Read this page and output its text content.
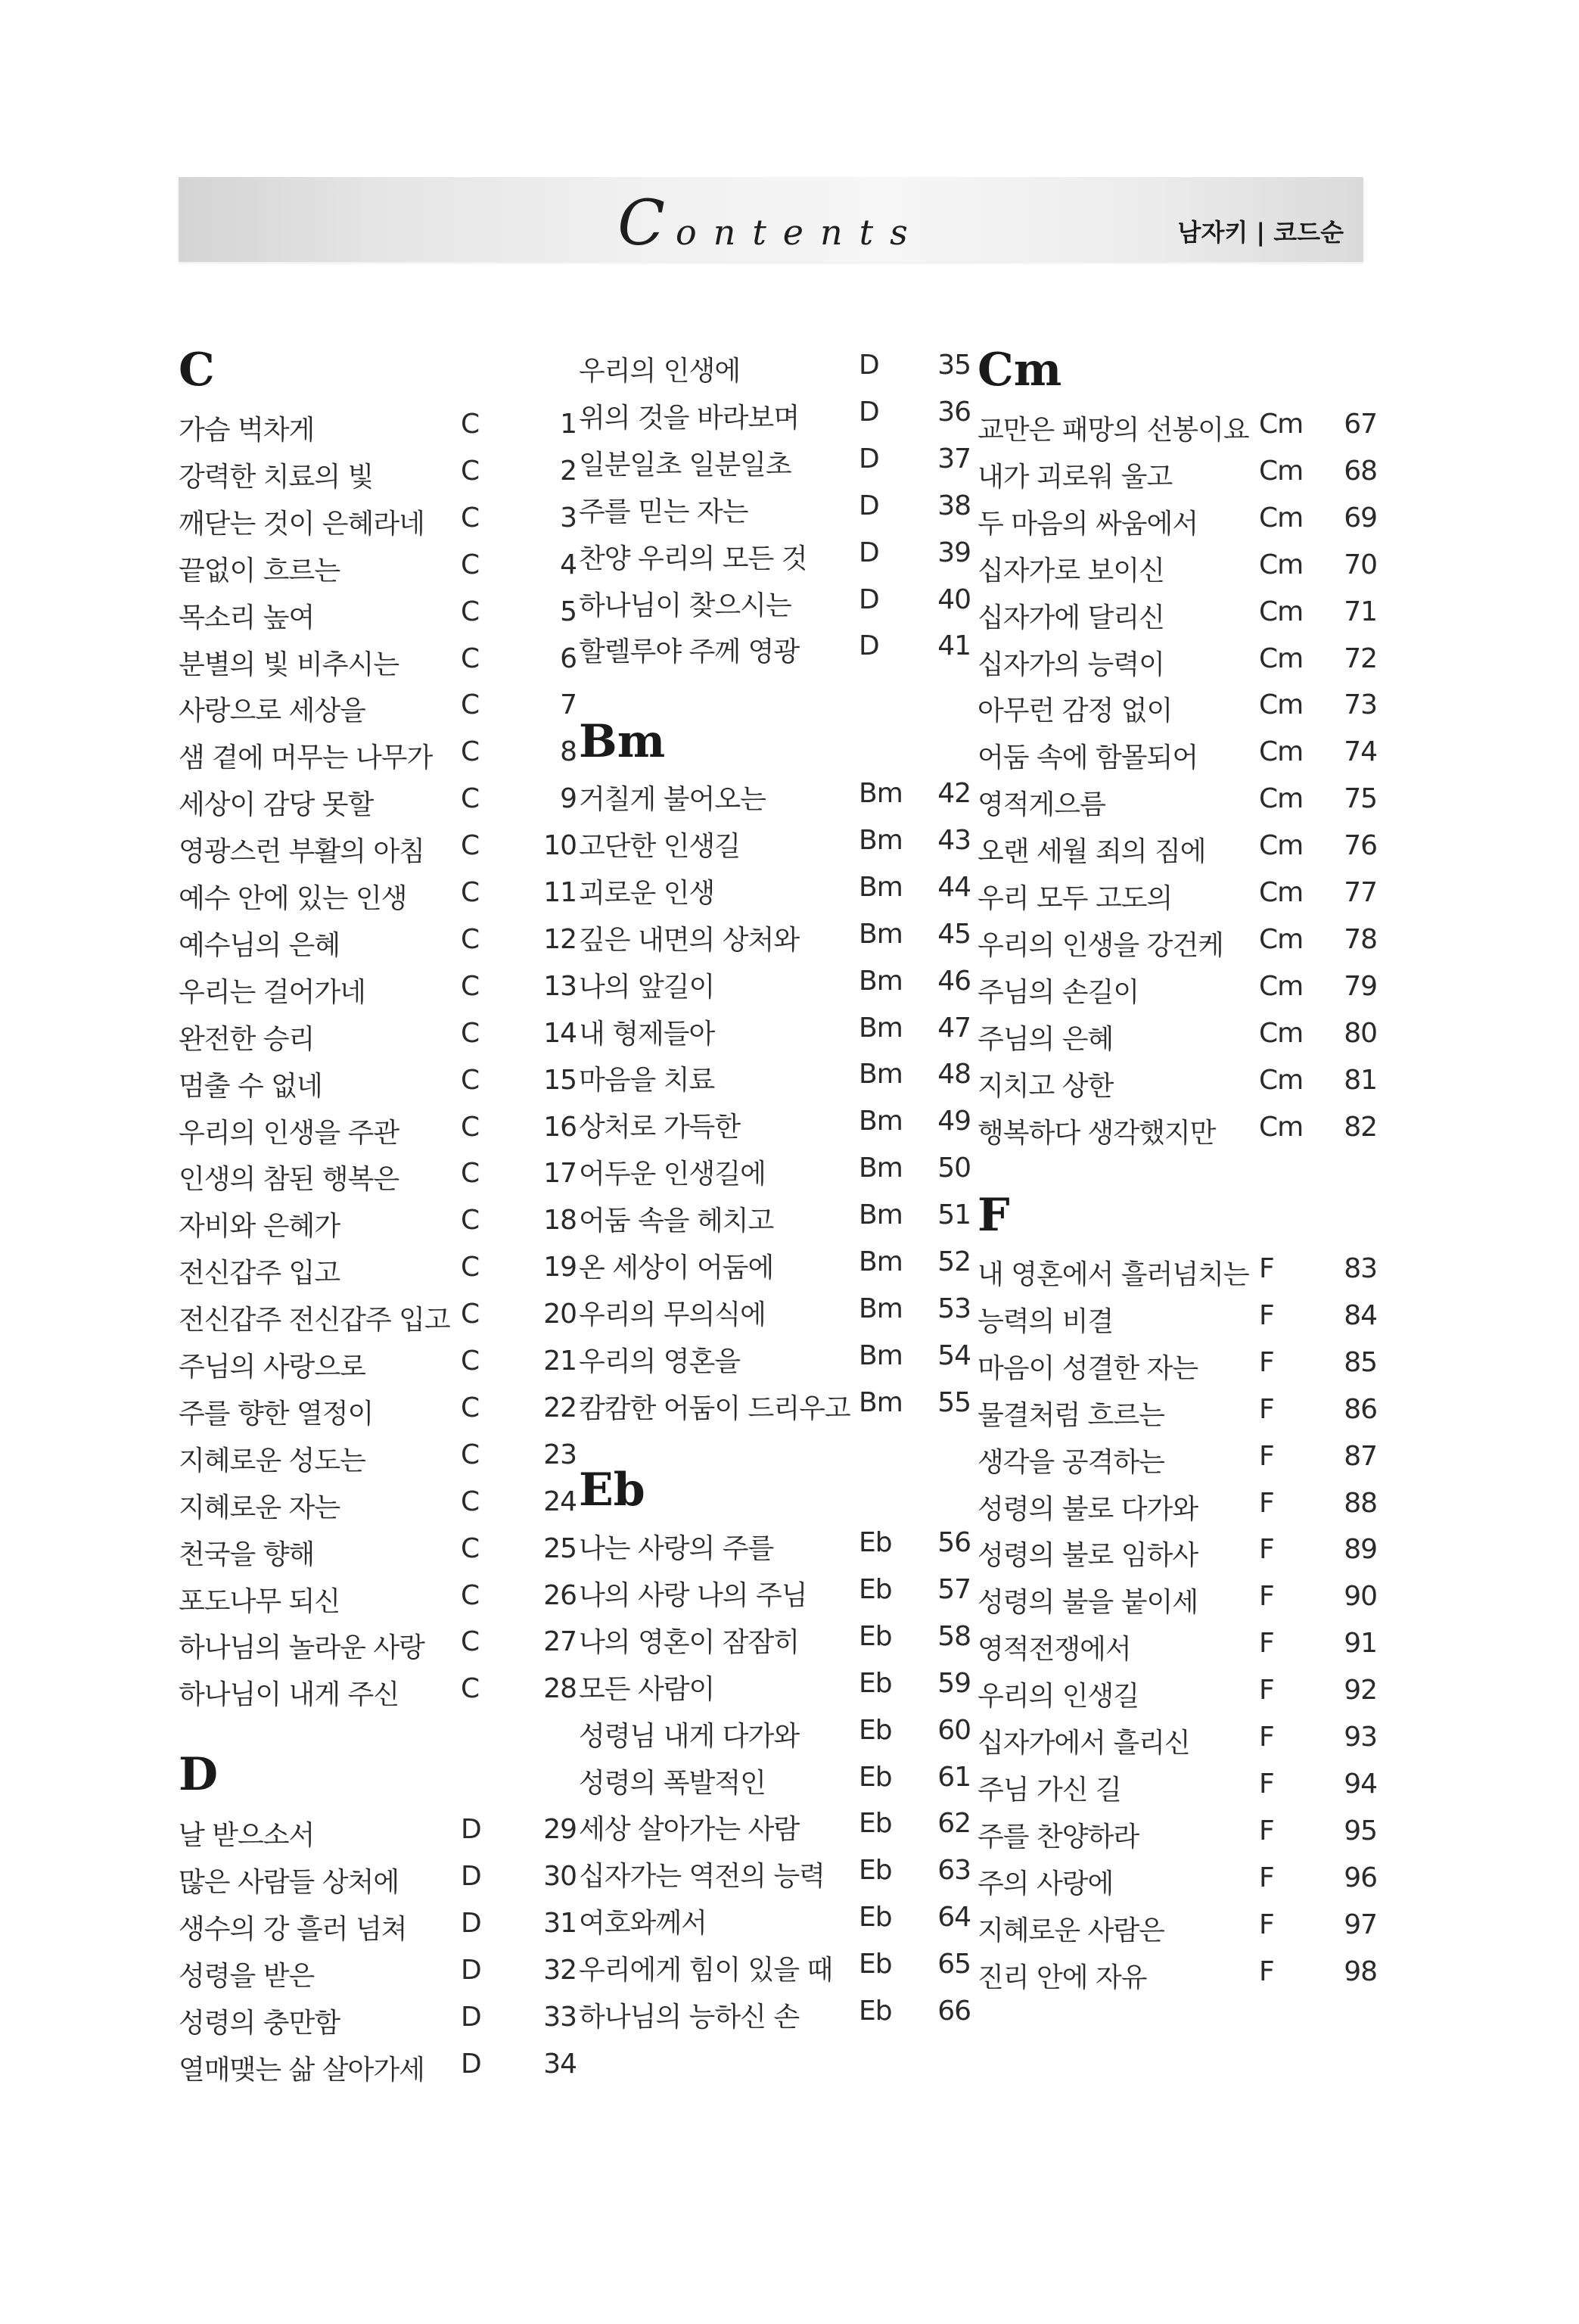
Contents	남자키 | 코드순
C
가슴 벅차게	C	1
강력한 치료의 빛	C	2
깨닫는 것이 은혜라네 C	3
끝없이 흐르는	C	4
목소리 높여	C	5
분별의 빛 비추시는 C	6
사랑으로 세상을	C	7
샘 곁에 머무는 나무가 C	8
세상이 감당 못할	C	9
영광스런 부활의 아침 C	10
예수 안에 있는 인생 C	11
예수님의 은혜	C	12
우리는 걸어가네	C	13
완전한 승리	C	14
멈출 수 없네	C	15
우리의 인생을 주관 C	16
인생의 참된 행복은 C	17
자비와 은혜가	C	18
전신갑주 입고	C	19
전신갑주 전신갑주 입고 C	20
주님의 사랑으로	C	21
주를 향한 열정이	C	22
지혜로운 성도는	C	23
지혜로운 자는	C	24
천국을 향해	C	25
포도나무 되신	C	26
하나님의 놀라운 사랑 C	27
하나님이 내게 주신 C	28
D
날 받으소서	D	29
많은 사람들 상처에 D	30
생수의 강 흘러 넘쳐 D	31
성령을 받은	D	32
성령의 충만함	D	33
열매맺는 삶 살아가세 D	34
우리의 인생에	D	35
위의 것을 바라보며 D	36
일분일초 일분일초 D	37
주를 믿는 자는	D	38
찬양 우리의 모든 것 D	39
하나님이 찾으시는 D	40
할렐루야 주께 영광 D	41
Bm
거칠게 불어오는	Bm	42
고단한 인생길	Bm	43
괴로운 인생	Bm	44
깊은 내면의 상처와 Bm	45
나의 앞길이	Bm	46
내 형제들아	Bm	47
마음을 치료	Bm	48
상처로 가득한	Bm	49
어두운 인생길에	Bm	50
어둠 속을 헤치고	Bm	51
온 세상이 어둠에	Bm	52
우리의 무의식에	Bm	53
우리의 영혼을	Bm	54
캄캄한 어둠이 드리우고 Bm	55
Eb
나는 사랑의 주를	Eb	56
나의 사랑 나의 주님 Eb	57
나의 영혼이 잠잠히 Eb	58
모든 사람이	Eb	59
성령님 내게 다가와 Eb	60
성령의 폭발적인	Eb	61
세상 살아가는 사람 Eb	62
십자가는 역전의 능력 Eb	63
여호와께서	Eb	64
우리에게 힘이 있을 때 Eb	65
하나님의 능하신 손 Eb	66
Cm
교만은 패망의 선봉이요 Cm	67
내가 괴로워 울고	Cm	68
두 마음의 싸움에서 Cm	69
십자가로 보이신	Cm	70
십자가에 달리신	Cm	71
십자가의 능력이	Cm	72
아무런 감정 없이	Cm	73
어둠 속에 함몰되어 Cm	74
영적게으름	Cm	75
오랜 세월 죄의 짐에 Cm	76
우리 모두 고도의	Cm	77
우리의 인생을 강건케 Cm	78
주님의 손길이	Cm	79
주님의 은혜	Cm	80
지치고 상한	Cm	81
행복하다 생각했지만 Cm	82
F
내 영혼에서 흘러넘치는 F	83
능력의 비결	F	84
마음이 성결한 자는 F	85
물결처럼 흐르는	F	86
생각을 공격하는	F	87
성령의 불로 다가와 F	88
성령의 불로 임하사 F	89
성령의 불을 붙이세 F	90
영적전쟁에서	F	91
우리의 인생길	F	92
십자가에서 흘리신	F	93
주님 가신 길	F	94
주를 찬양하라	F	95
주의 사랑에	F	96
지혜로운 사람은	F	97
진리 안에 자유	F	98
